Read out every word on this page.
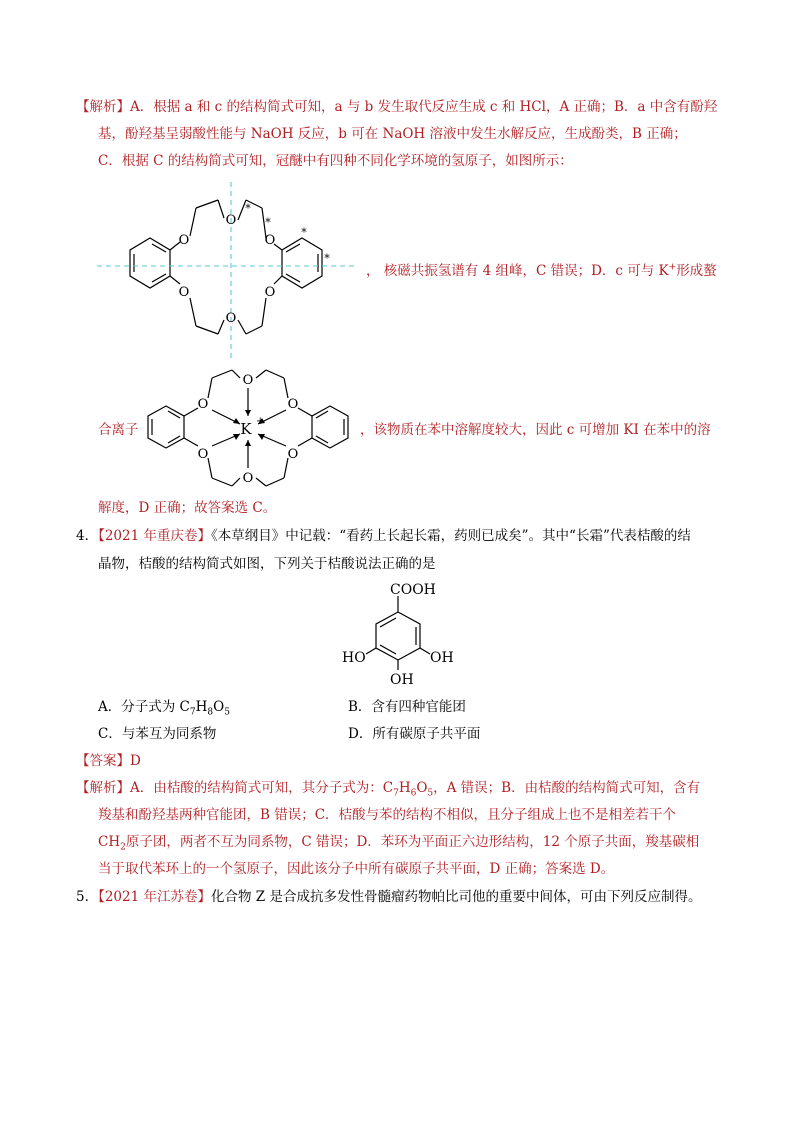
【解析】A．根据 a 和 c 的结构简式可知，a 与 b 发生取代反应生成 c 和 HCl，A 正确；B．a 中含有酚羟
基，酚羟基呈弱酸性能与 NaOH 反应，b 可在 NaOH 溶液中发生水解反应，生成酚类，B 正确；
C．根据 C 的结构简式可知，冠醚中有四种不同化学环境的氢原子，如图所示：
O
O
O
O
O
O
*
*
*
*
， 核磁共振氢谱有 4 组峰，C 错误；D．c 可与 K+形成螯
合离子
O
O
O
O
O
O
K +
，该物质在苯中溶解度较大，因此 c 可增加 KI 在苯中的溶
解度，D 正确；故答案选 C。
4．【2021 年重庆卷】《本草纲目》中记载：“看药上长起长霜，药则已成矣”。其中“长霜”代表桔酸的结
晶物，桔酸的结构简式如图，下列关于桔酸说法正确的是
COOH
OH
HO
OH
A．分子式为 $C_7H_8O_5$	B．含有四种官能团
C．与苯互为同系物	D．所有碳原子共平面
【答案】D
【解析】A．由桔酸的结构简式可知，其分子式为：$C_7H_6O_5$，A 错误；B．由桔酸的结构简式可知，含有
羧基和酚羟基两种官能团，B 错误；C．桔酸与苯的结构不相似，且分子组成上也不是相差若干个
$CH_2$原子团，两者不互为同系物，C 错误；D．苯环为平面正六边形结构，12 个原子共面，羧基碳相
当于取代苯环上的一个氢原子，因此该分子中所有碳原子共平面，D 正确；答案选 D。
5．【2021 年江苏卷】化合物 Z 是合成抗多发性骨髓瘤药物帕比司他的重要中间体，可由下列反应制得。
